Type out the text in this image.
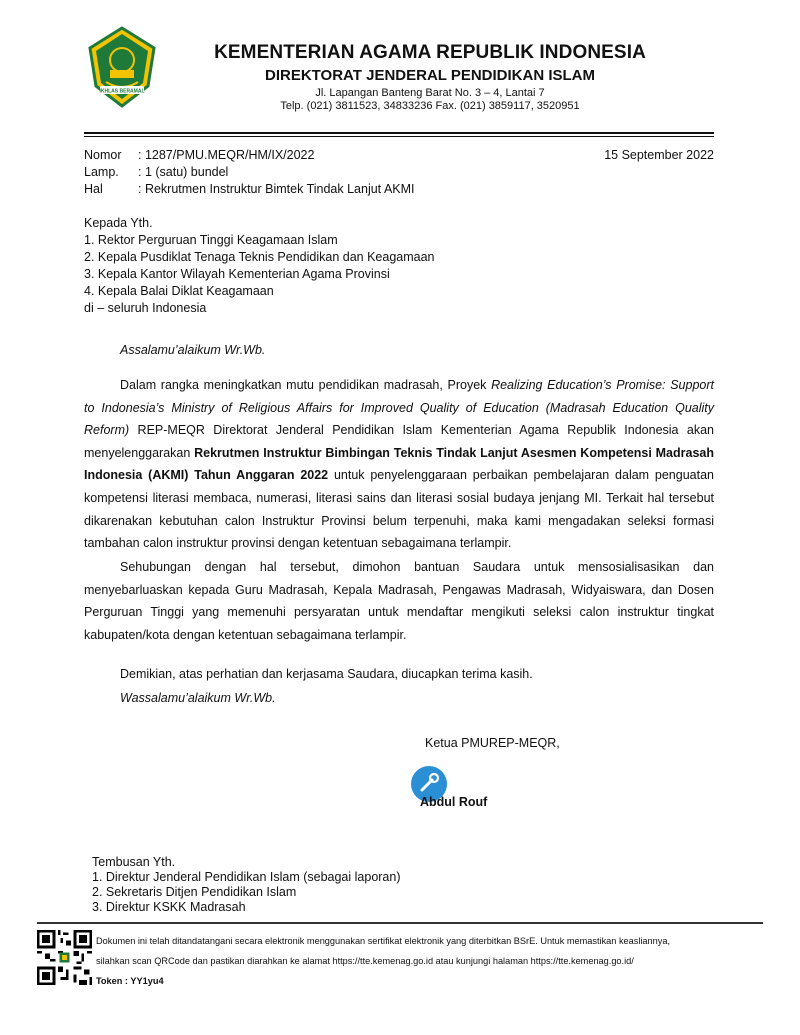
IKHLAS BERAMAL
KEMENTERIAN AGAMA REPUBLIK INDONESIA
DIREKTORAT JENDERAL PENDIDIKAN ISLAM
Jl. Lapangan Banteng Barat No. 3 – 4, Lantai 7
Telp. (021) 3811523, 34833236 Fax. (021) 3859117, 3520951
Nomor : 1287/PMU.MEQR/HM/IX/2022	15 September 2022
Lamp. : 1 (satu) bundel
Hal	: Rekrutmen Instruktur Bimtek Tindak Lanjut AKMI
Kepada Yth.
1. Rektor Perguruan Tinggi Keagamaan Islam
2. Kepala Pusdiklat Tenaga Teknis Pendidikan dan Keagamaan
3. Kepala Kantor Wilayah Kementerian Agama Provinsi
4. Kepala Balai Diklat Keagamaan
di – seluruh Indonesia
Assalamu’alaikum Wr.Wb.
Dalam rangka meningkatkan mutu pendidikan madrasah, Proyek Realizing Education’s Promise: Support to Indonesia’s Ministry of Religious Affairs for Improved Quality of Education (Madrasah Education Quality Reform) REP-MEQR Direktorat Jenderal Pendidikan Islam Kementerian Agama Republik Indonesia akan menyelenggarakan Rekrutmen Instruktur Bimbingan Teknis Tindak Lanjut Asesmen Kompetensi Madrasah Indonesia (AKMI) Tahun Anggaran 2022 untuk penyelenggaraan perbaikan pembelajaran dalam penguatan kompetensi literasi membaca, numerasi, literasi sains dan literasi sosial budaya jenjang MI. Terkait hal tersebut dikarenakan kebutuhan calon Instruktur Provinsi belum terpenuhi, maka kami mengadakan seleksi formasi tambahan calon instruktur provinsi dengan ketentuan sebagaimana terlampir.
Sehubungan dengan hal tersebut, dimohon bantuan Saudara untuk mensosialisasikan dan menyebarluaskan kepada Guru Madrasah, Kepala Madrasah, Pengawas Madrasah, Widyaiswara, dan Dosen Perguruan Tinggi yang memenuhi persyaratan untuk mendaftar mengikuti seleksi calon instruktur tingkat kabupaten/kota dengan ketentuan sebagaimana terlampir.
Demikian, atas perhatian dan kerjasama Saudara, diucapkan terima kasih.
Wassalamu’alaikum Wr.Wb.
Ketua PMUREP-MEQR,
Abdul Rouf
Tembusan Yth.
1. Direktur Jenderal Pendidikan Islam (sebagai laporan)
2. Sekretaris Ditjen Pendidikan Islam
3. Direktur KSKK Madrasah
Dokumen ini telah ditandatangani secara elektronik menggunakan sertifikat elektronik yang diterbitkan BSrE. Untuk memastikan keasliannya,
silahkan scan QRCode dan pastikan diarahkan ke alamat https://tte.kemenag.go.id atau kunjungi halaman https://tte.kemenag.go.id/
Token : YY1yu4
